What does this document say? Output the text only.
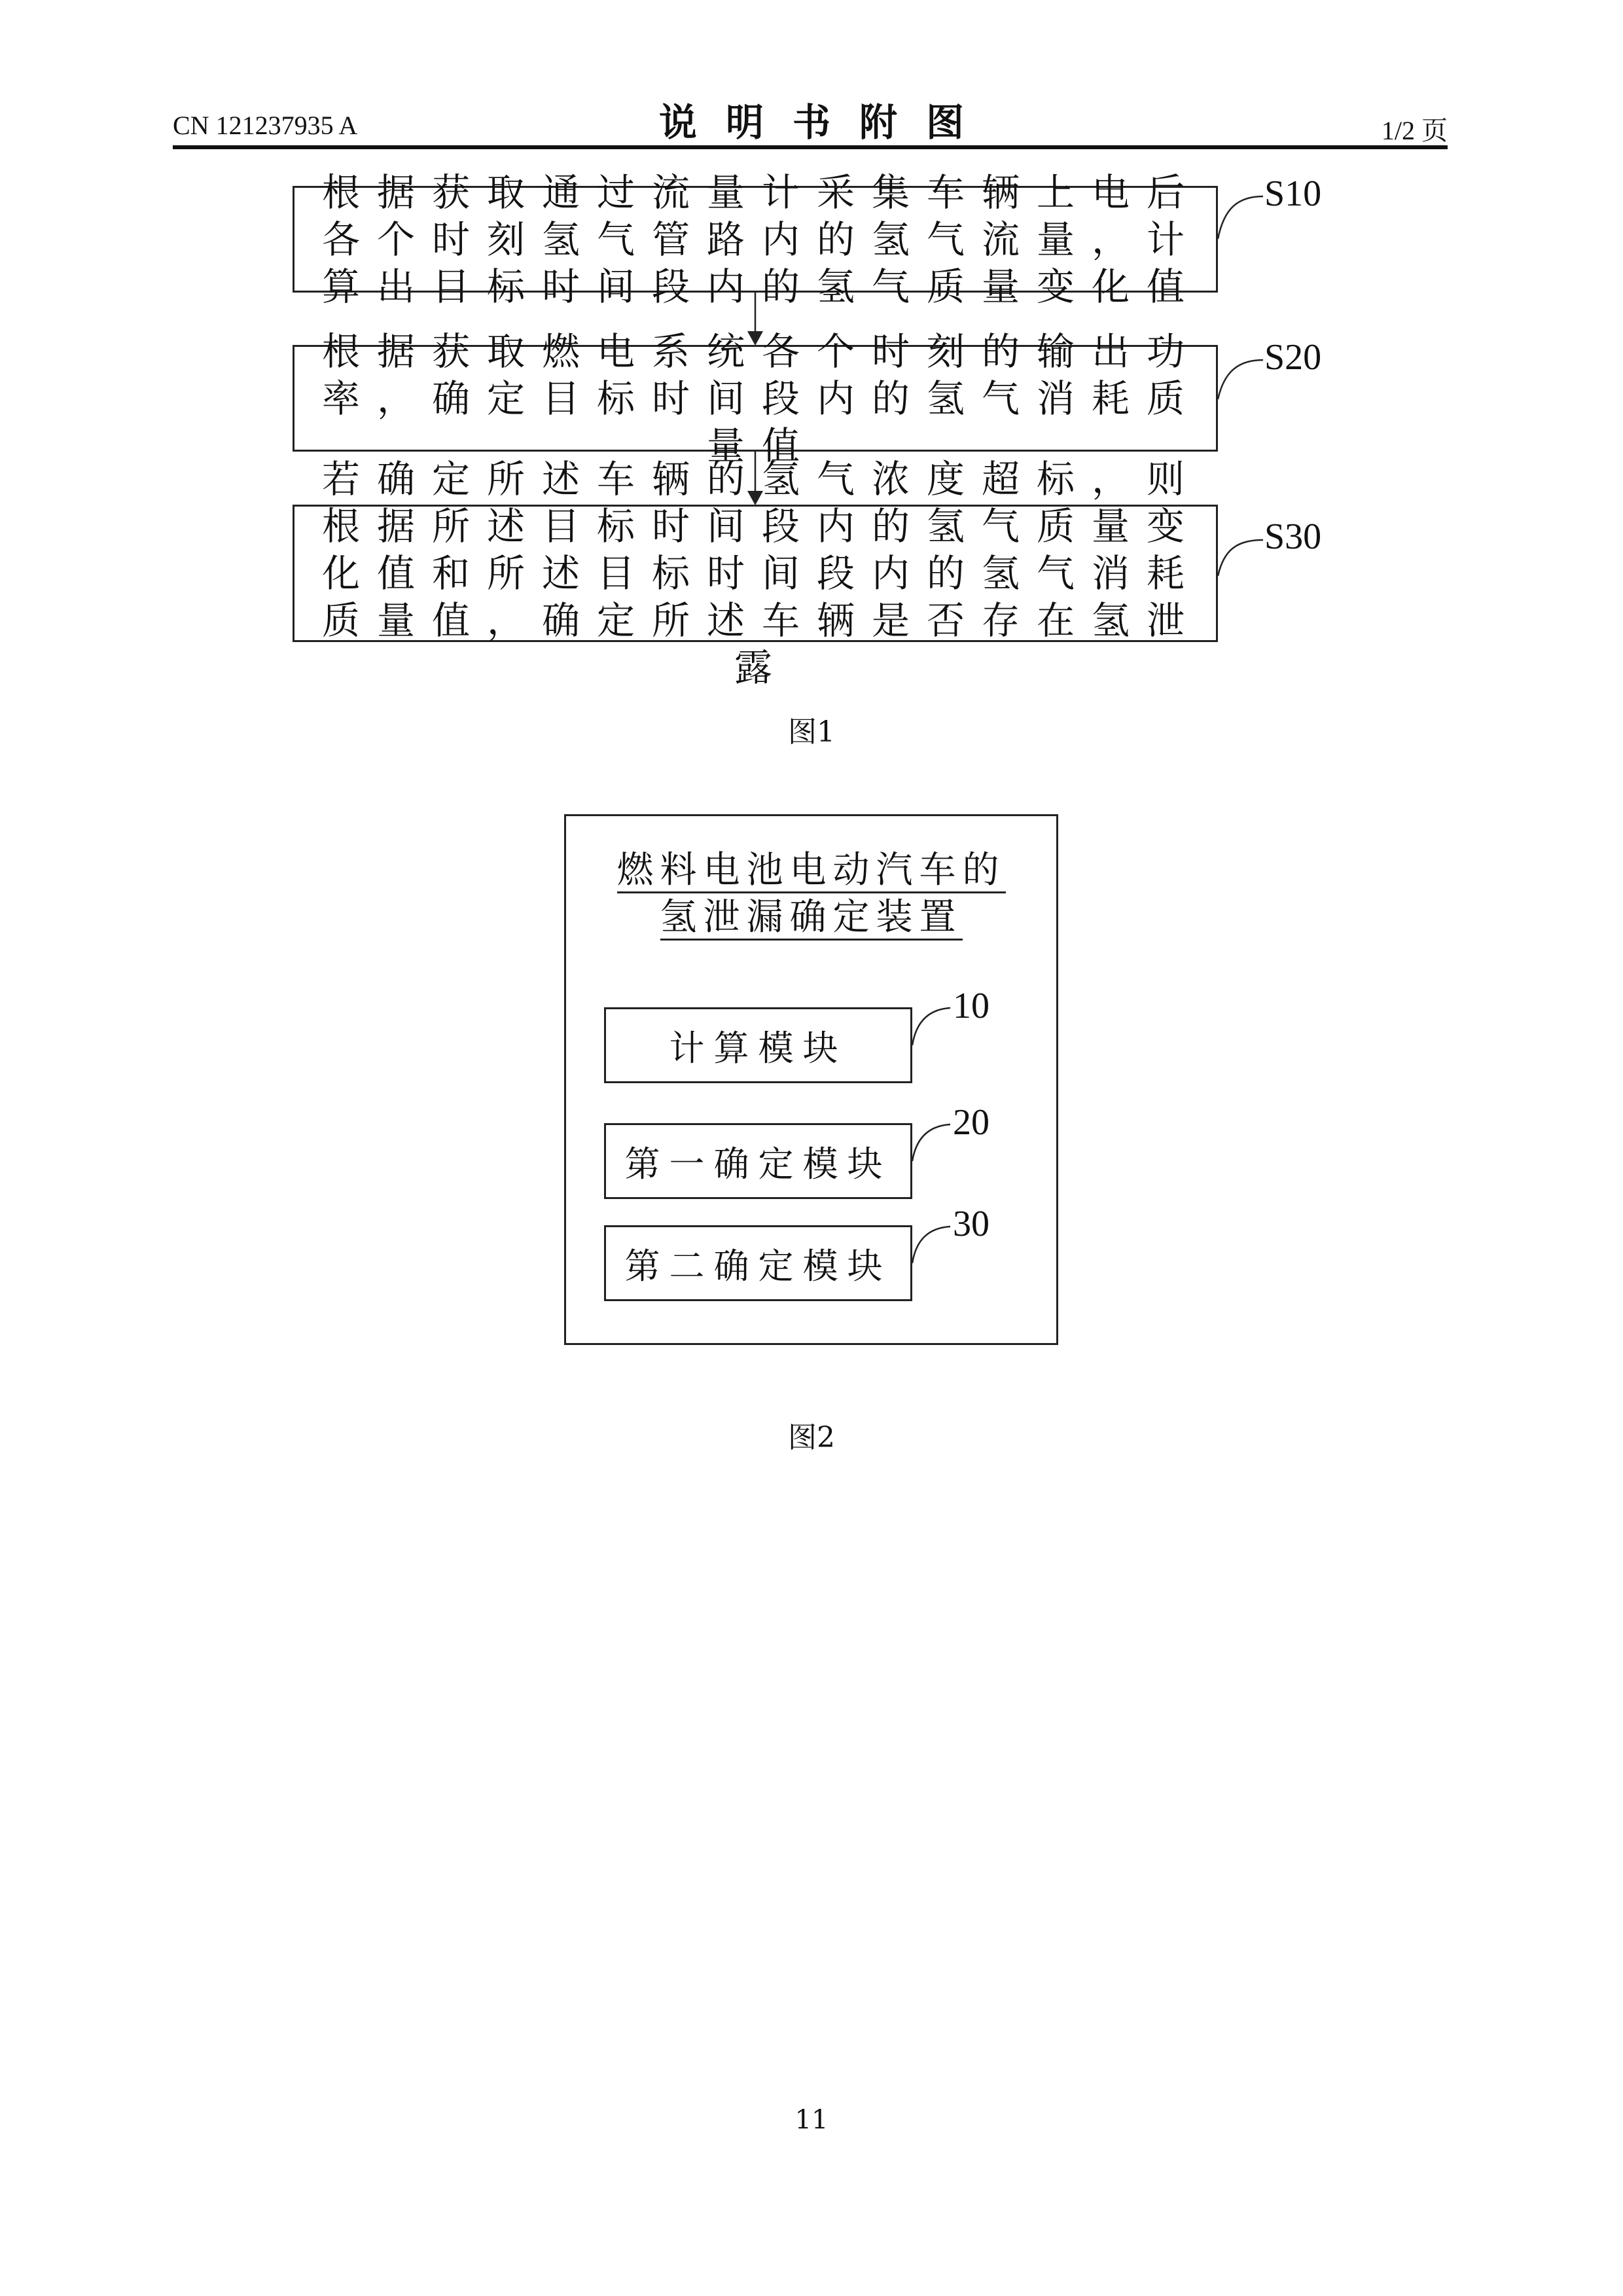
CN 121237935 A	说明书附图	1/2 页
根据获取通过流量计采集车辆上电后各个时刻氢气管路内的氢气流量，计算出目标时间段内的氢气质量变化值
S10
根据获取燃电系统各个时刻的输出功率，确定目标时间段内的氢气消耗质量值
S20
若确定所述车辆的氢气浓度超标，则根据所述目标时间段内的氢气质量变化值和所述目标时间段内的氢气消耗质量值，确定所述车辆是否存在氢泄露
S30
图1
燃料电池电动汽车的
氢泄漏确定装置
计算模块
10
第一确定模块
20
第二确定模块
30
图2
11
